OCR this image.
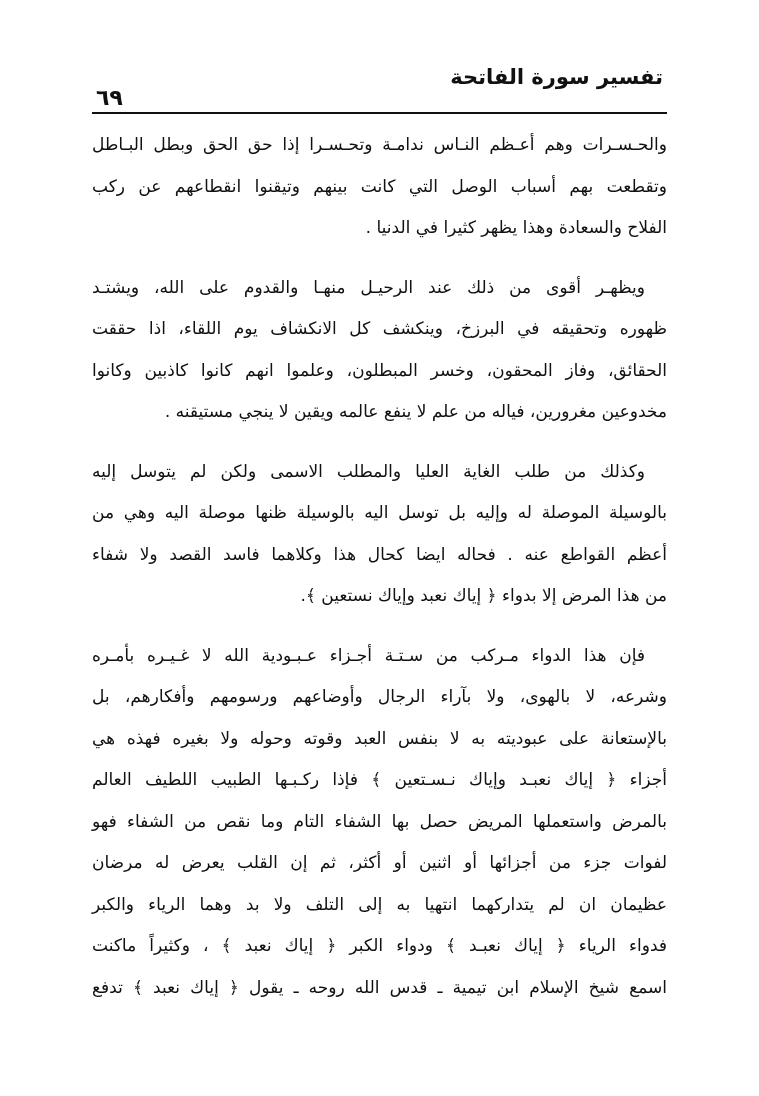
تفسير سورة الفاتحة
٦٩
والحـسـرات وهم أعـظم النـاس ندامـة وتحـسـرا إذا حق الحق وبطل البـاطل
وتقطعت بهم أسباب الوصل التي كانت بينهم وتيقنوا انقطاعهم عن ركب
الفلاح والسعادة وهذا يظهر كثيرا في الدنيا .
ويظهـر أقوى من ذلك عند الرحيـل منهـا والقدوم على الله، ويشتـد
ظهوره وتحقيقه في البرزخ، وينكشف كل الانكشاف يوم اللقاء، اذا حققت
الحقائق، وفاز المحقون، وخسر المبطلون، وعلموا انهم كانوا كاذبين وكانوا
مخدوعين مغرورين، فياله من علم لا ينفع عالمه ويقين لا ينجي مستيقنه .
وكذلك من طلب الغاية العليا والمطلب الاسمى ولكن لم يتوسل إليه
بالوسيلة الموصلة له وإليه بل توسل اليه بالوسيلة ظنها موصلة اليه وهي من
أعظم القواطع عنه . فحاله ايضا كحال هذا وكلاهما فاسد القصد ولا شفاء
من هذا المرض إلا بدواء ﴿ إياك نعبد وإياك نستعين ﴾.
فإن هذا الدواء مـركب من سـتـة أجـزاء عـبـودية الله لا غـيـره بأمـره
وشرعه، لا بالهوى، ولا بآراء الرجال وأوضاعهم ورسومهم وأفكارهم، بل
بالإستعانة على عبوديته به لا بنفس العبد وقوته وحوله ولا بغيره فهذه هي
أجزاء ﴿ إياك نعبـد وإياك نـسـتعين ﴾ فإذا ركـبـها الطبيب اللطيف العالم
بالمرض واستعملها المريض حصل بها الشفاء التام وما نقص من الشفاء فهو
لفوات جزء من أجزائها أو اثنين أو أكثر، ثم إن القلب يعرض له مرضان
عظيمان ان لم يتداركهما انتهيا به إلى التلف ولا بد وهما الرياء والكبر
فدواء الرياء ﴿ إياك نعبـد ﴾ ودواء الكبر ﴿ إياك نعبد ﴾ ، وكثيراً ماكنت
اسمع شيخ الإسلام ابن تيمية ـ قدس الله روحه ـ يقول ﴿ إياك نعبد ﴾ تدفع
